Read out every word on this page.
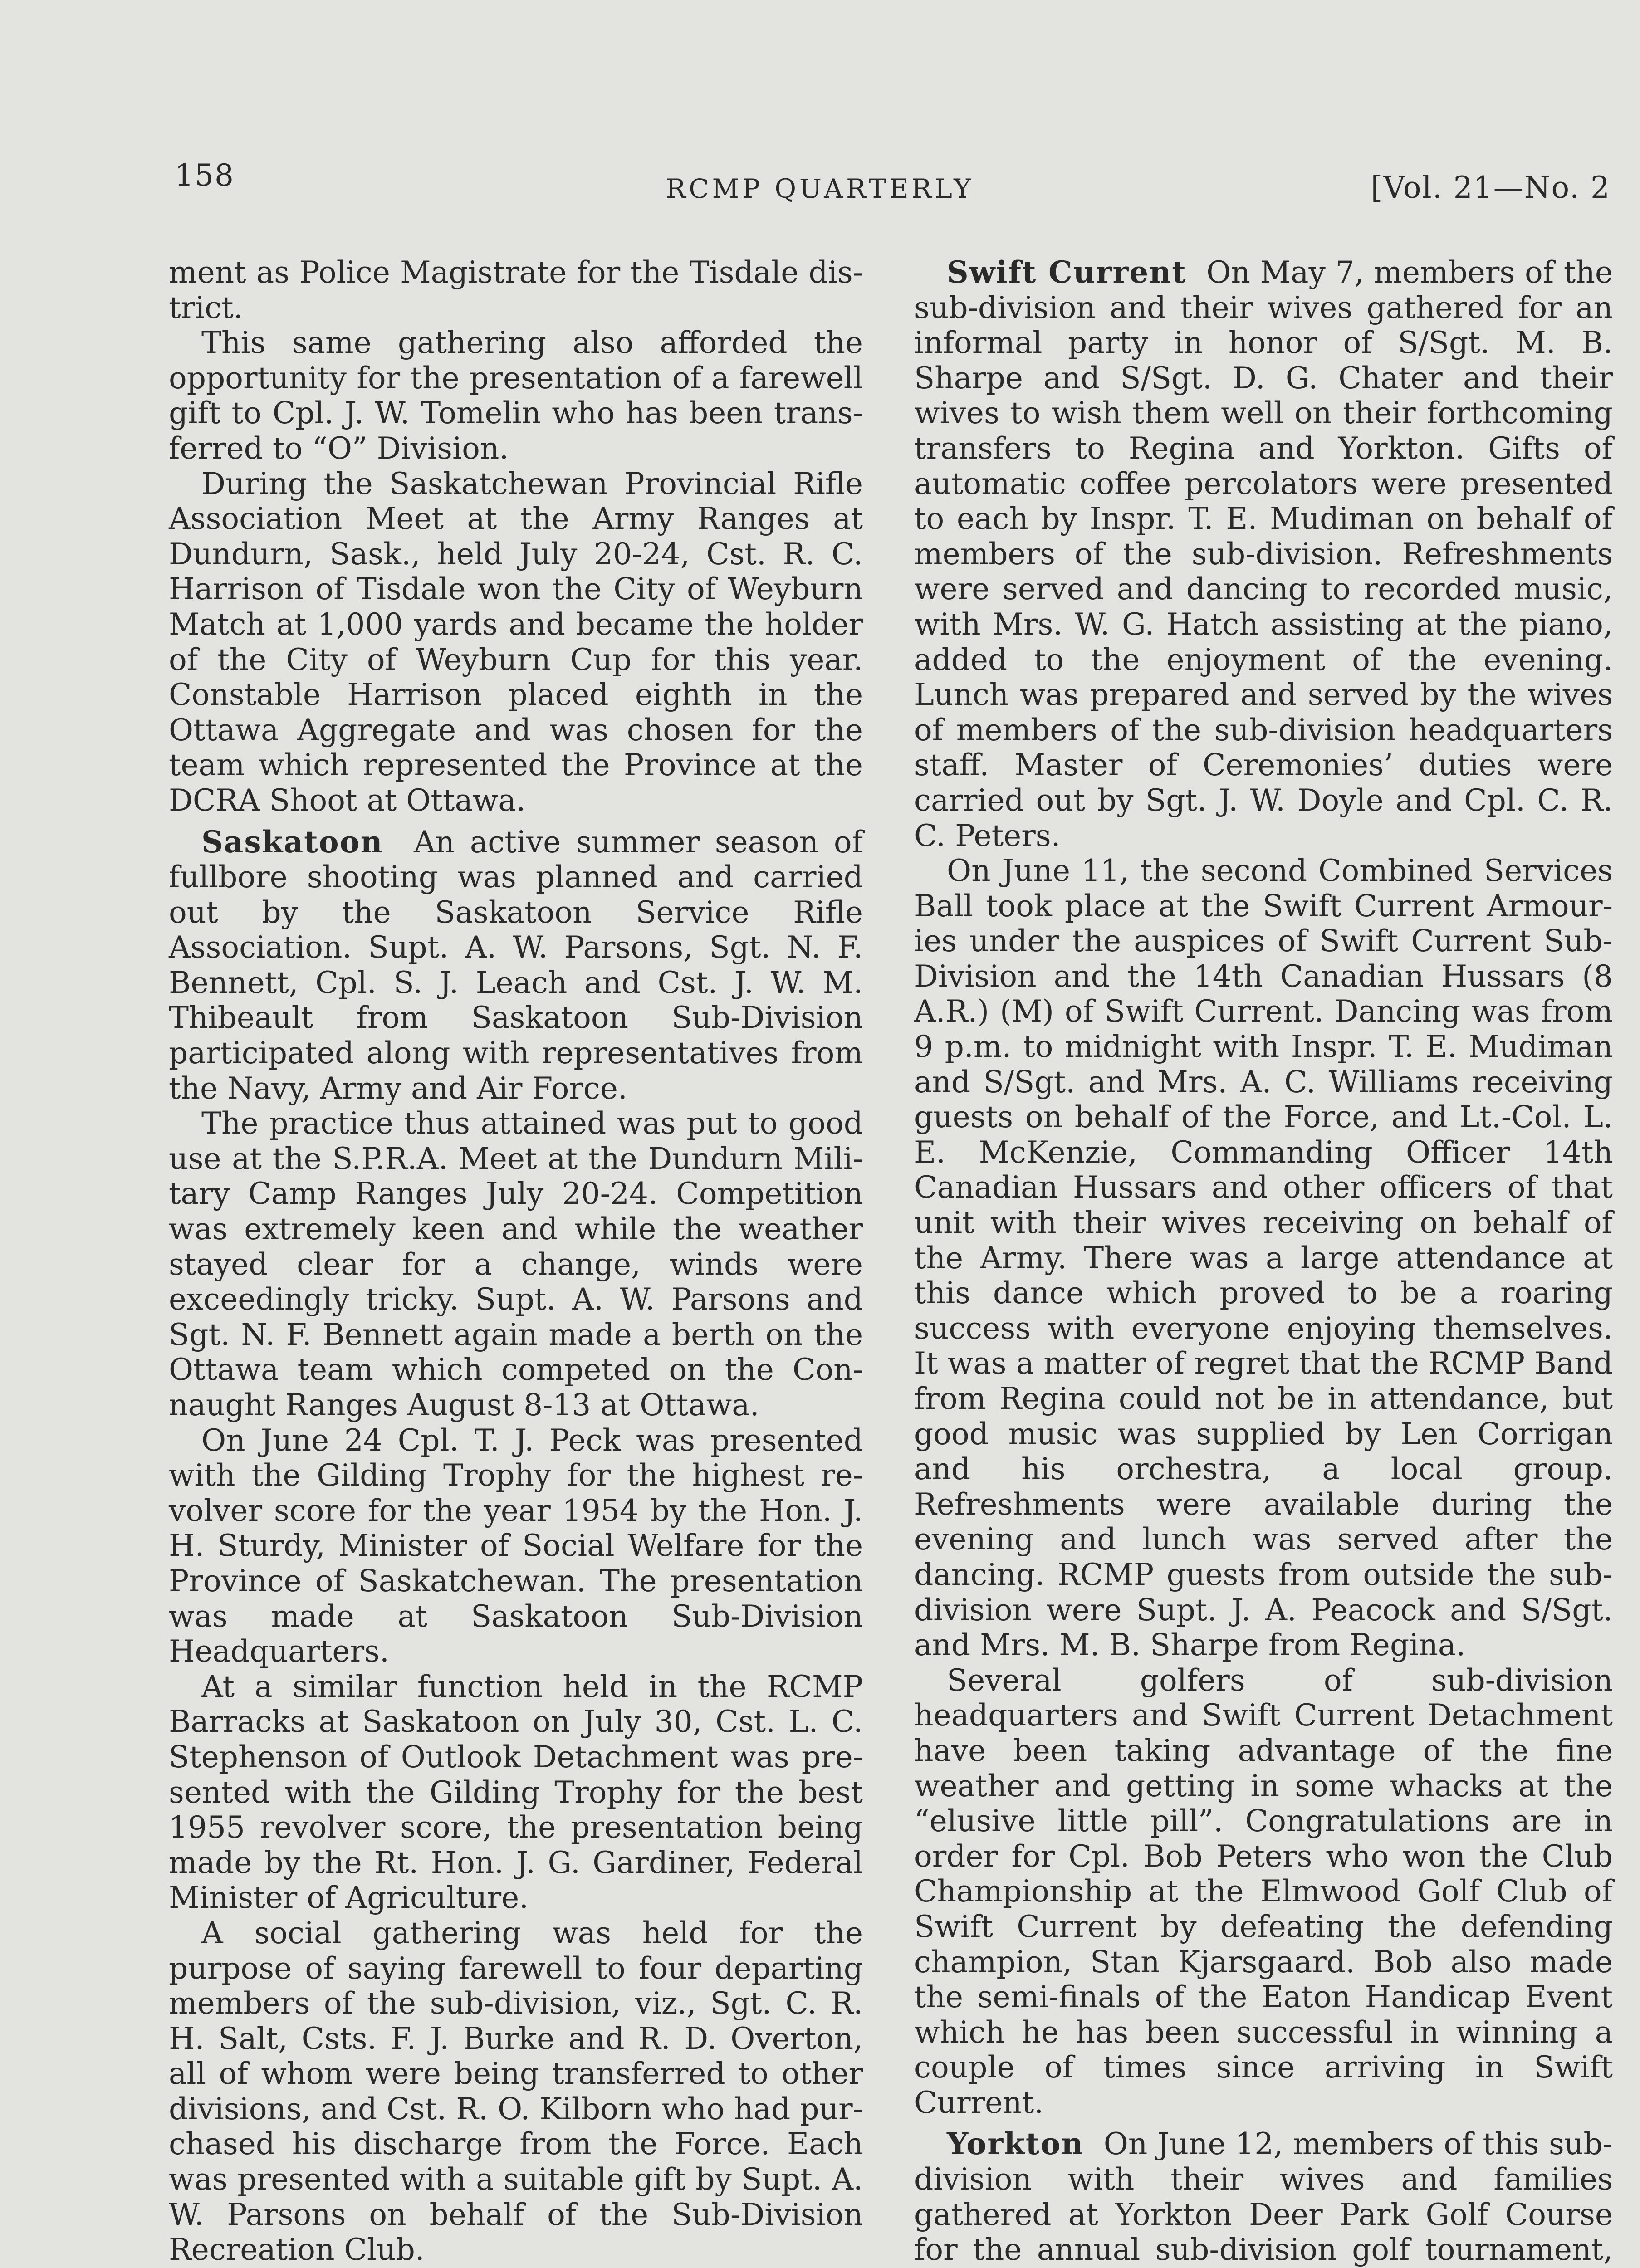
158	RCMP QUARTERLY	[Vol. 21—No. 2

ment as Police Magistrate for the Tisdale district.

This same gathering also afforded the opportunity for the presentation of a farewell gift to Cpl. J. W. Tomelin who has been transferred to “O” Division.

During the Saskatchewan Provincial Rifle Association Meet at the Army Ranges at Dundurn, Sask., held July 20-24, Cst. R. C. Harrison of Tisdale won the City of Weyburn Match at 1,000 yards and became the holder of the City of Weyburn Cup for this year. Constable Harrison placed eighth in the Ottawa Aggregate and was chosen for the team which represented the Province at the DCRA Shoot at Ottawa.

Saskatoon An active summer season of fullbore shooting was planned and carried out by the Saskatoon Service Rifle Association. Supt. A. W. Parsons, Sgt. N. F. Bennett, Cpl. S. J. Leach and Cst. J. W. M. Thibeault from Saskatoon Sub-Division participated along with representatives from the Navy, Army and Air Force.

The practice thus attained was put to good use at the S.P.R.A. Meet at the Dundurn Military Camp Ranges July 20-24. Competition was extremely keen and while the weather stayed clear for a change, winds were exceedingly tricky. Supt. A. W. Parsons and Sgt. N. F. Bennett again made a berth on the Ottawa team which competed on the Connaught Ranges August 8-13 at Ottawa.

On June 24 Cpl. T. J. Peck was presented with the Gilding Trophy for the highest revolver score for the year 1954 by the Hon. J. H. Sturdy, Minister of Social Welfare for the Province of Saskatchewan. The presentation was made at Saskatoon Sub-Division Headquarters.

At a similar function held in the RCMP Barracks at Saskatoon on July 30, Cst. L. C. Stephenson of Outlook Detachment was presented with the Gilding Trophy for the best 1955 revolver score, the presentation being made by the Rt. Hon. J. G. Gardiner, Federal Minister of Agriculture.

A social gathering was held for the purpose of saying farewell to four departing members of the sub-division, viz., Sgt. C. R. H. Salt, Csts. F. J. Burke and R. D. Overton, all of whom were being transferred to other divisions, and Cst. R. O. Kilborn who had purchased his discharge from the Force. Each was presented with a suitable gift by Supt. A. W. Parsons on behalf of the Sub-Division Recreation Club.

Swift Current On May 7, members of the sub-division and their wives gathered for an informal party in honor of S/Sgt. M. B. Sharpe and S/Sgt. D. G. Chater and their wives to wish them well on their forthcoming transfers to Regina and Yorkton. Gifts of automatic coffee percolators were presented to each by Inspr. T. E. Mudiman on behalf of members of the sub-division. Refreshments were served and dancing to recorded music, with Mrs. W. G. Hatch assisting at the piano, added to the enjoyment of the evening. Lunch was prepared and served by the wives of members of the sub-division headquarters staff. Master of Ceremonies’ duties were carried out by Sgt. J. W. Doyle and Cpl. C. R. C. Peters.

On June 11, the second Combined Services Ball took place at the Swift Current Armouries under the auspices of Swift Current Sub-Division and the 14th Canadian Hussars (8 A.R.) (M) of Swift Current. Dancing was from 9 p.m. to midnight with Inspr. T. E. Mudiman and S/Sgt. and Mrs. A. C. Williams receiving guests on behalf of the Force, and Lt.-Col. L. E. McKenzie, Commanding Officer 14th Canadian Hussars and other officers of that unit with their wives receiving on behalf of the Army. There was a large attendance at this dance which proved to be a roaring success with everyone enjoying themselves. It was a matter of regret that the RCMP Band from Regina could not be in attendance, but good music was supplied by Len Corrigan and his orchestra, a local group. Refreshments were available during the evening and lunch was served after the dancing. RCMP guests from outside the sub-division were Supt. J. A. Peacock and S/Sgt. and Mrs. M. B. Sharpe from Regina.

Several golfers of sub-division headquarters and Swift Current Detachment have been taking advantage of the fine weather and getting in some whacks at the “elusive little pill”. Congratulations are in order for Cpl. Bob Peters who won the Club Championship at the Elmwood Golf Club of Swift Current by defeating the defending champion, Stan Kjarsgaard. Bob also made the semi-finals of the Eaton Handicap Event which he has been successful in winning a couple of times since arriving in Swift Current.

Yorkton On June 12, members of this sub-division with their wives and families gathered at Yorkton Deer Park Golf Course for the annual sub-division golf tournament,
